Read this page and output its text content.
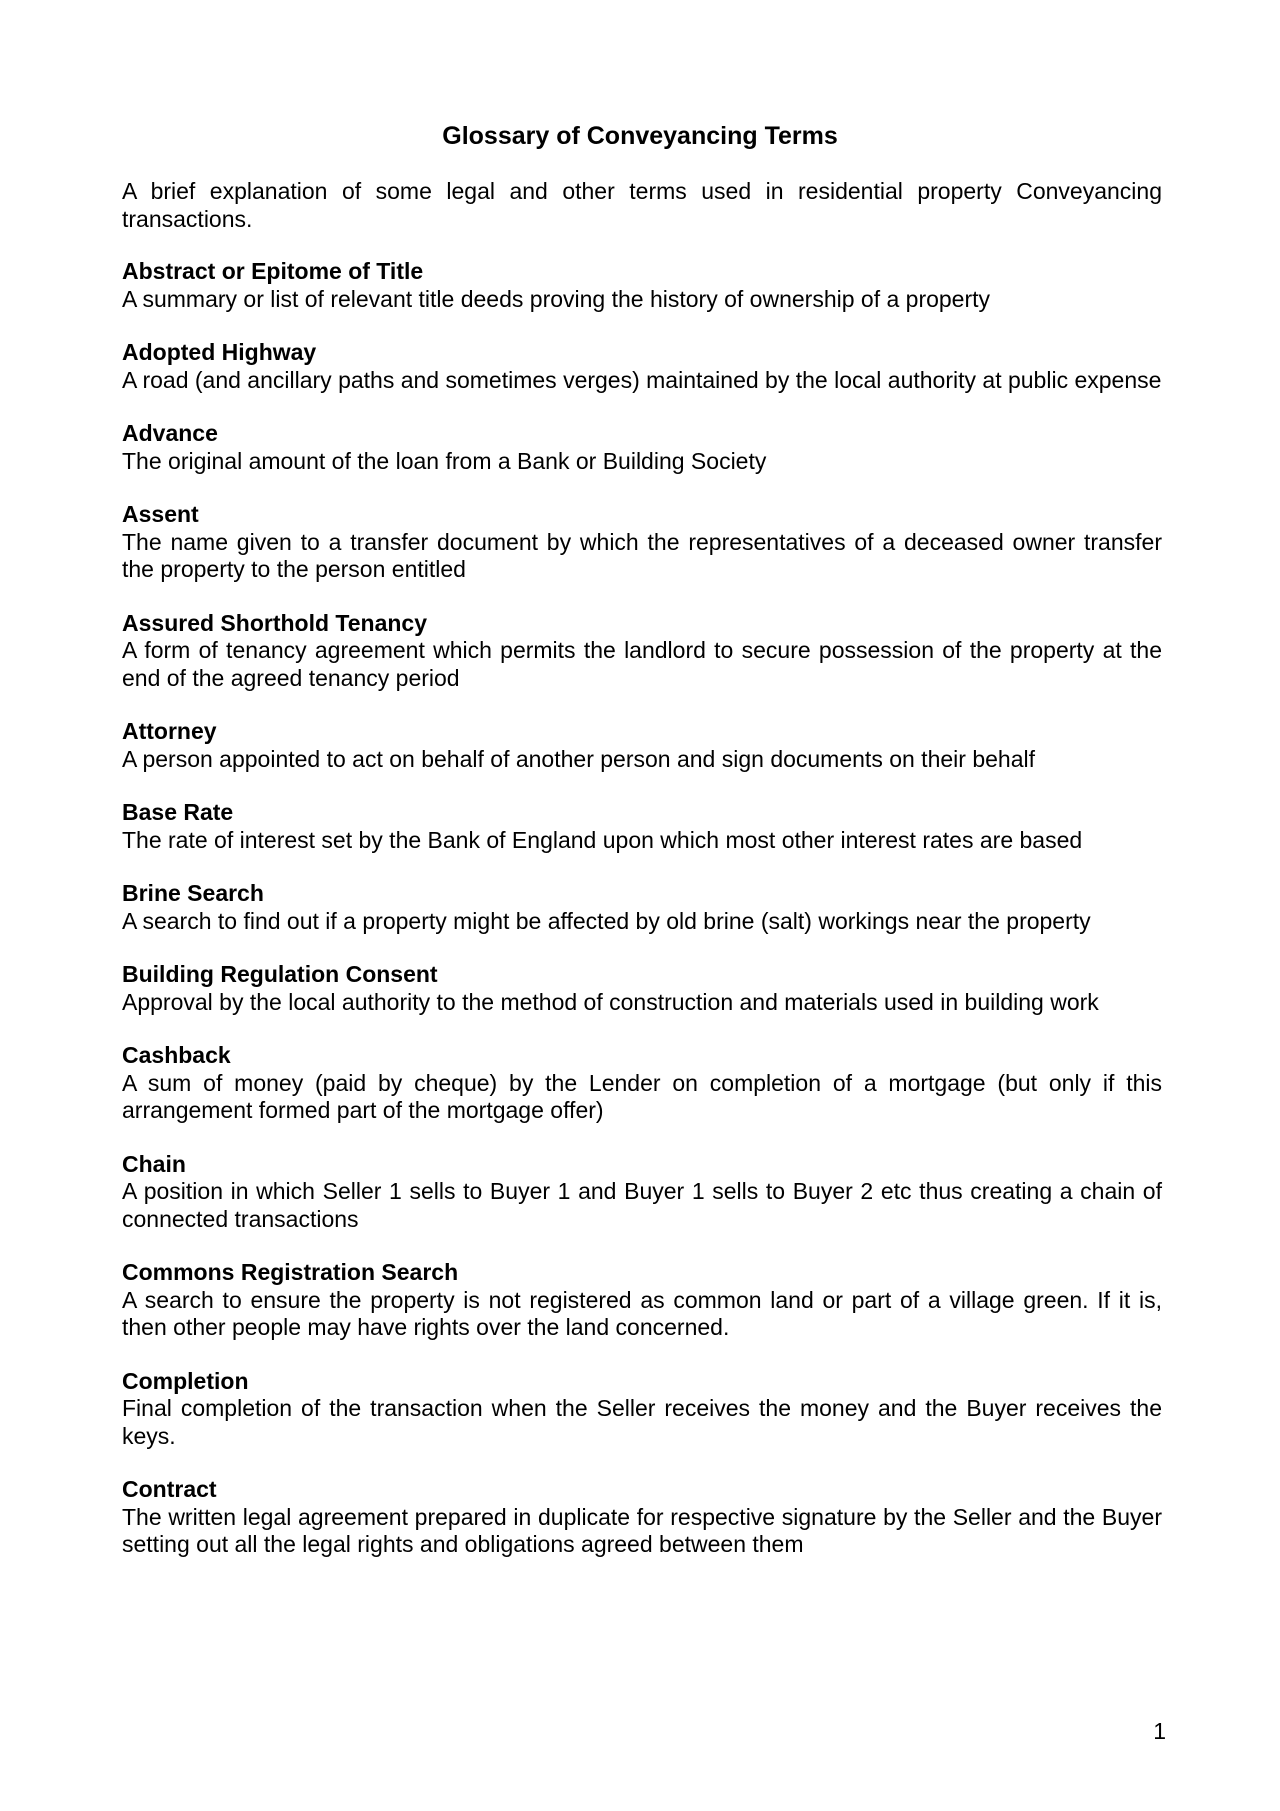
Glossary of Conveyancing Terms

A brief explanation of some legal and other terms used in residential property Conveyancing transactions.

Abstract or Epitome of Title

A summary or list of relevant title deeds proving the history of ownership of a property

Adopted Highway

A road (and ancillary paths and sometimes verges) maintained by the local authority at public expense

Advance

The original amount of the loan from a Bank or Building Society

Assent

The name given to a transfer document by which the representatives of a deceased owner transfer the property to the person entitled

Assured Shorthold Tenancy

A form of tenancy agreement which permits the landlord to secure possession of the property at the end of the agreed tenancy period

Attorney

A person appointed to act on behalf of another person and sign documents on their behalf

Base Rate

The rate of interest set by the Bank of England upon which most other interest rates are based

Brine Search

A search to find out if a property might be affected by old brine (salt) workings near the property

Building Regulation Consent

Approval by the local authority to the method of construction and materials used in building work

Cashback

A sum of money (paid by cheque) by the Lender on completion of a mortgage (but only if this arrangement formed part of the mortgage offer)

Chain

A position in which Seller 1 sells to Buyer 1 and Buyer 1 sells to Buyer 2 etc thus creating a chain of connected transactions

Commons Registration Search

A search to ensure the property is not registered as common land or part of a village green. If it is, then other people may have rights over the land concerned.

Completion

Final completion of the transaction when the Seller receives the money and the Buyer receives the keys.

Contract

The written legal agreement prepared in duplicate for respective signature by the Seller and the Buyer setting out all the legal rights and obligations agreed between them

1
